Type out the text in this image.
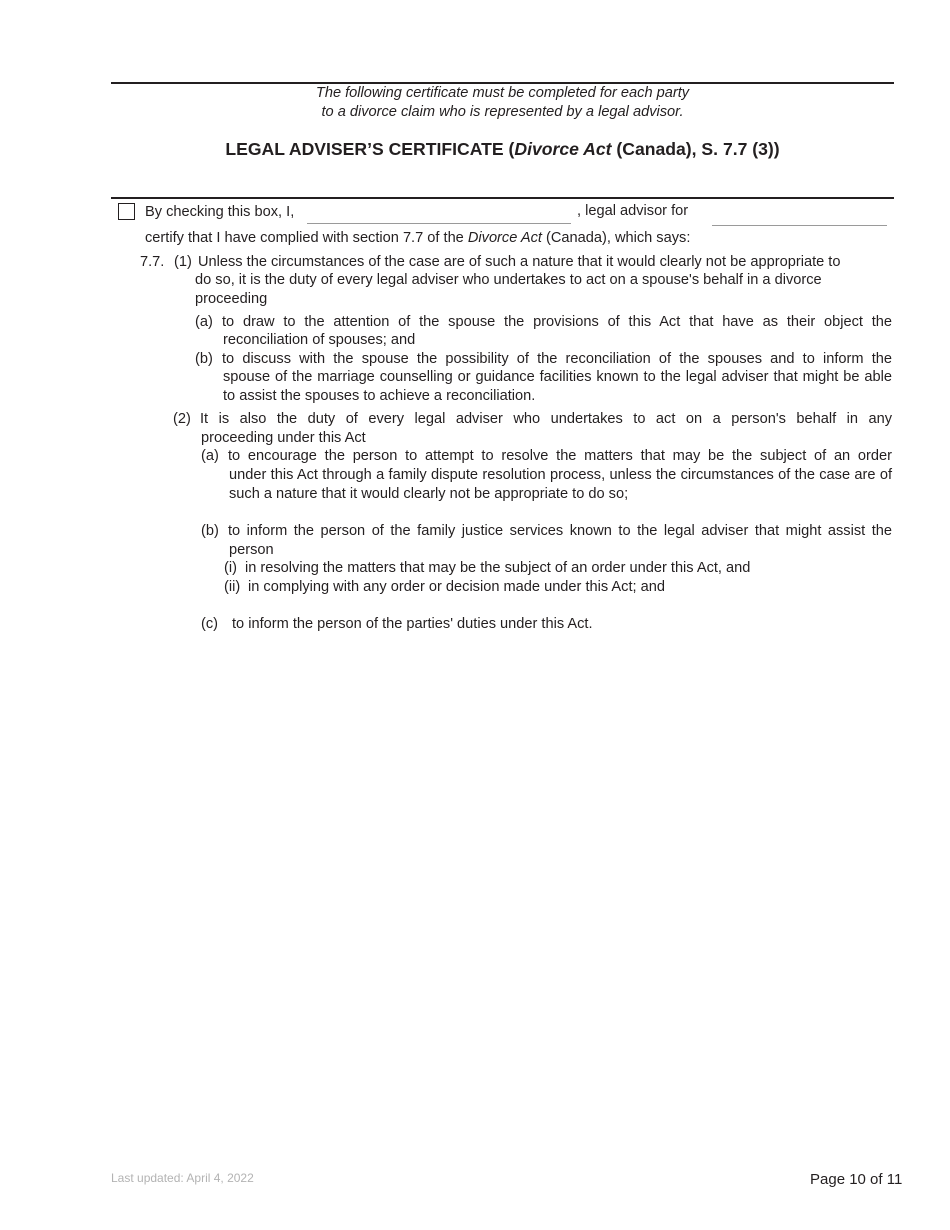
The following certificate must be completed for each party
to a divorce claim who is represented by a legal advisor.
LEGAL ADVISER’S CERTIFICATE (Divorce Act (Canada), S. 7.7 (3))
By checking this box, I,	, legal advisor for
certify that I have complied with section 7.7 of the Divorce Act (Canada), which says:
7.7. (1) Unless the circumstances of the case are of such a nature that it would clearly not be appropriate to
do so, it is the duty of every legal adviser who undertakes to act on a spouse's behalf in a divorce proceeding
(a) to draw to the attention of the spouse the provisions of this Act that have as their object the
reconciliation of spouses; and
(b) to discuss with the spouse the possibility of the reconciliation of the spouses and to inform the
spouse of the marriage counselling or guidance facilities known to the legal adviser that might be able to assist the spouses to achieve a reconciliation.
(2) It is also the duty of every legal adviser who undertakes to act on a person's behalf in any
proceeding under this Act
(a) to encourage the person to attempt to resolve the matters that may be the subject of an order
under this Act through a family dispute resolution process, unless the circumstances of the case are of such a nature that it would clearly not be appropriate to do so;
(b) to inform the person of the family justice services known to the legal adviser that might assist the
person
(i) in resolving the matters that may be the subject of an order under this Act, and
(ii) in complying with any order or decision made under this Act; and
(c) to inform the person of the parties' duties under this Act.
Last updated: April 4, 2022	Page 10 of 11
